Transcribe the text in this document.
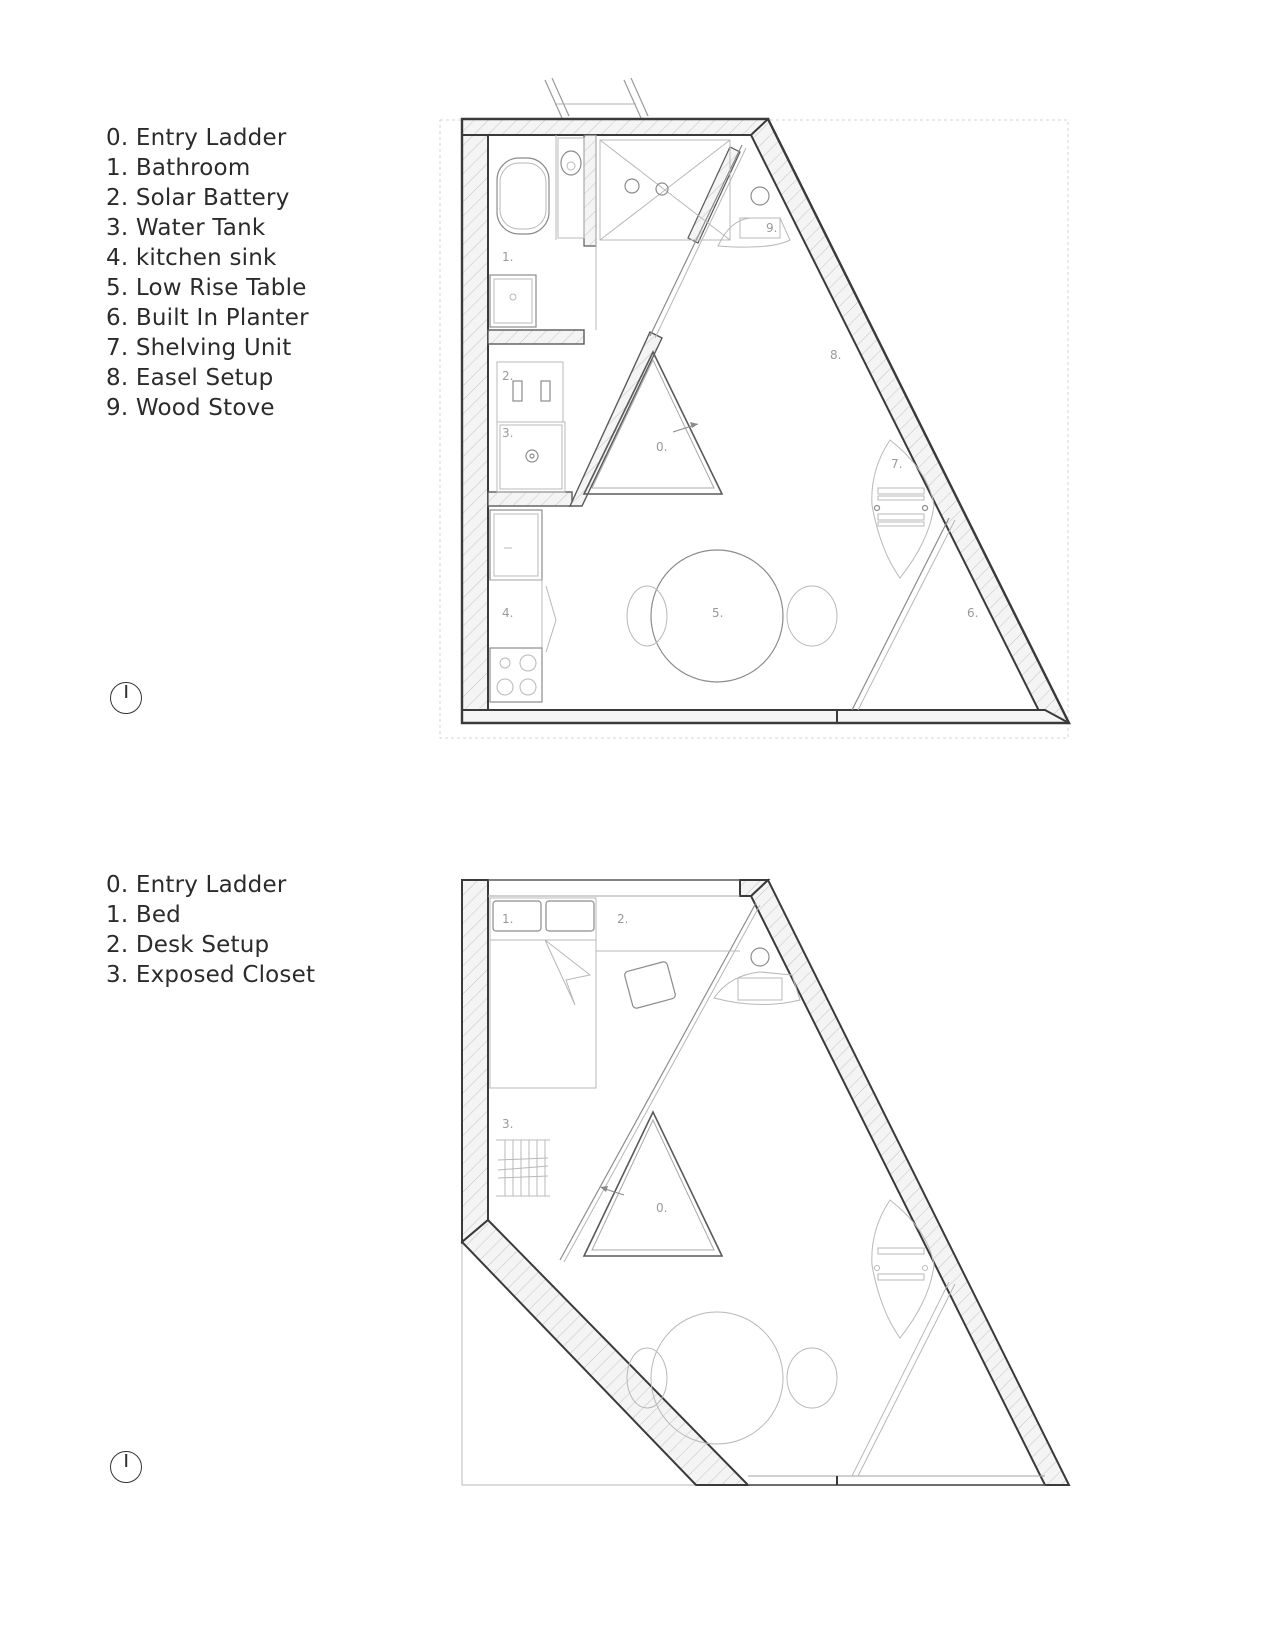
0. Entry Ladder
1. Bathroom
2. Solar Battery
3. Water Tank
4. kitchen sink
5. Low Rise Table
6. Built In Planter
7. Shelving Unit
8. Easel Setup
9. Wood Stove
0. Entry Ladder
1. Bed
2. Desk Setup
3. Exposed Closet
1.
2.
3.
4.
0.
5.	6.
7.
8.
9.
1.	2.
3.
0.
